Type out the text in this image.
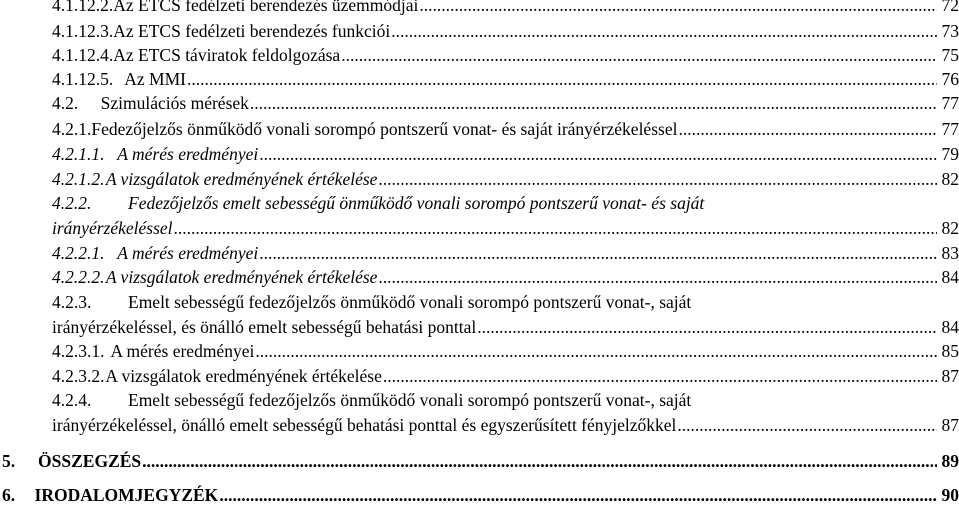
4.1.12.2. Az ETCS fedélzeti berendezés üzemmódjai .....	72
4.1.12.3. Az ETCS fedélzeti berendezés funkciói .....	73
4.1.12.4. Az ETCS táviratok feldolgozása .....	75
4.1.12.5. Az MMI .....	76
4.2.	Szimulációs mérések .....	77
4.2.1. Fedezőjelzős önműködő vonali sorompó pontszerű vonat- és saját irányérzékeléssel .....	77
4.2.1.1. A mérés eredményei .....	79
4.2.1.2. A vizsgálatok eredményének értékelése .....	82
4.2.2. Fedezőjelzős emelt sebességű önműködő vonali sorompó pontszerű vonat- és saját
irányérzékeléssel .....	82
4.2.2.1. A mérés eredményei .....	83
4.2.2.2. A vizsgálatok eredményének értékelése .....	84
4.2.3. Emelt sebességű fedezőjelzős önműködő vonali sorompó pontszerű vonat-, saját
irányérzékeléssel, és önálló emelt sebességű behatási ponttal .....	84
4.2.3.1. A mérés eredményei .....	85
4.2.3.2. A vizsgálatok eredményének értékelése .....	87
4.2.4. Emelt sebességű fedezőjelzős önműködő vonali sorompó pontszerű vonat-, saját
irányérzékeléssel, önálló emelt sebességű behatási ponttal és egyszerűsített fényjelzőkkel .....	87
5.	ÖSSZEGZÉS .....	89
6.	IRODALOMJEGYZÉK .....	90
